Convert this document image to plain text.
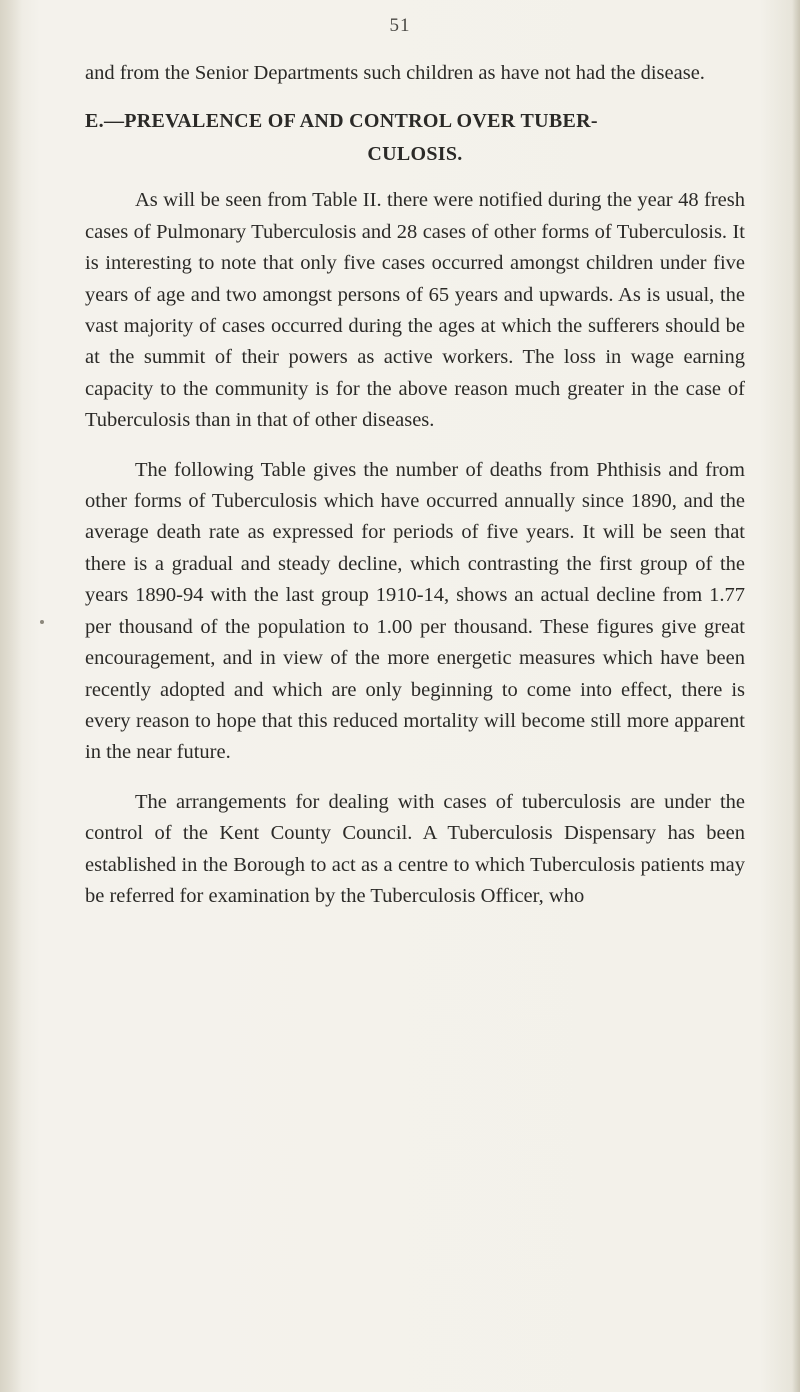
51

and from the Senior Departments such children as have not had the disease.

E.—PREVALENCE OF AND CONTROL OVER TUBER-
CULOSIS.

As will be seen from Table II. there were notified during the year 48 fresh cases of Pulmonary Tuberculosis and 28 cases of other forms of Tuberculosis. It is interesting to note that only five cases occurred amongst children under five years of age and two amongst persons of 65 years and upwards. As is usual, the vast majority of cases occurred during the ages at which the sufferers should be at the summit of their powers as active workers. The loss in wage earning capacity to the community is for the above reason much greater in the case of Tuberculosis than in that of other diseases.

The following Table gives the number of deaths from Phthisis and from other forms of Tuberculosis which have occurred annually since 1890, and the average death rate as expressed for periods of five years. It will be seen that there is a gradual and steady decline, which contrasting the first group of the years 1890-94 with the last group 1910-14, shows an actual decline from 1.77 per thousand of the population to 1.00 per thousand. These figures give great encouragement, and in view of the more energetic measures which have been recently adopted and which are only beginning to come into effect, there is every reason to hope that this reduced mortality will become still more apparent in the near future.

The arrangements for dealing with cases of tuberculosis are under the control of the Kent County Council. A Tuberculosis Dispensary has been established in the Borough to act as a centre to which Tuberculosis patients may be referred for examination by the Tuberculosis Officer, who
